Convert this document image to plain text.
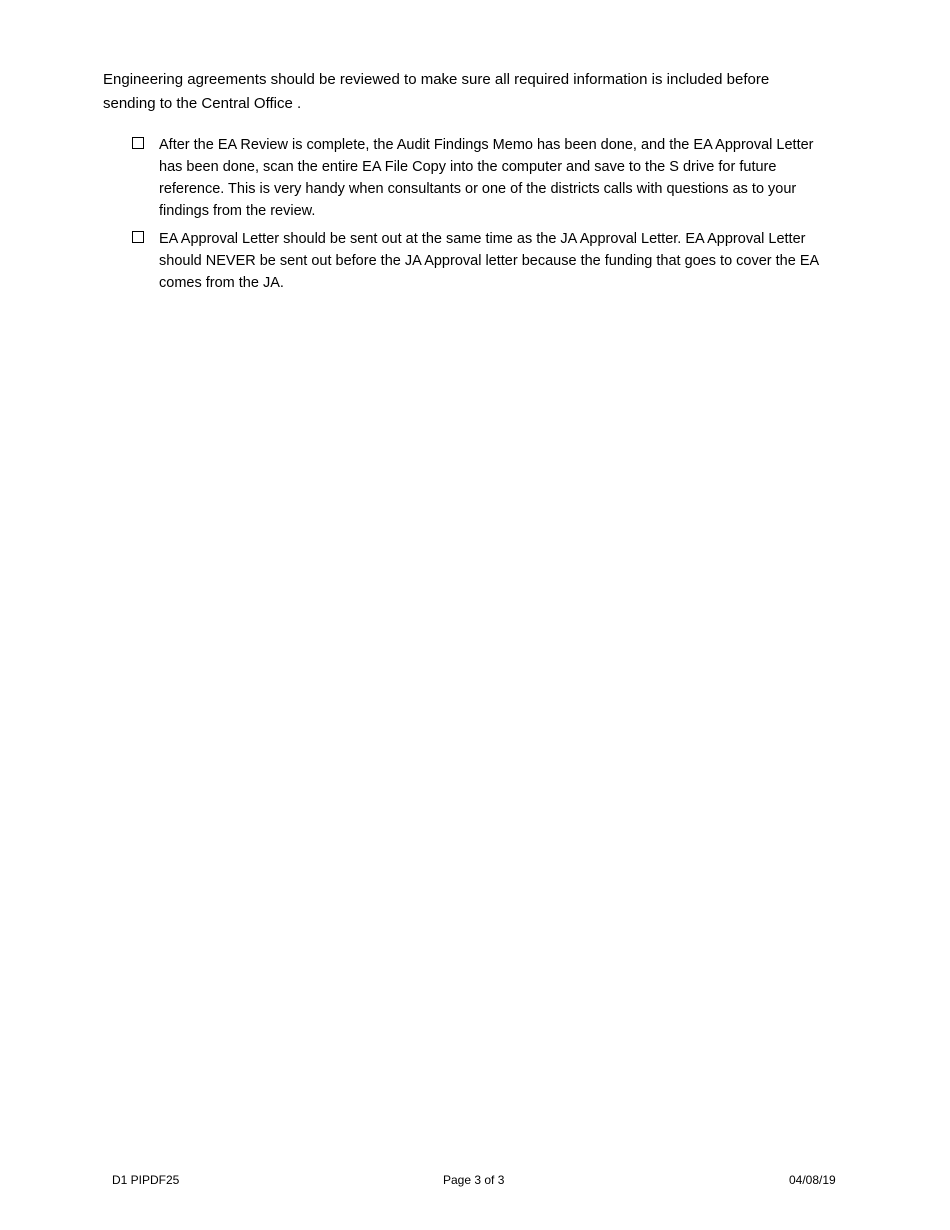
Engineering agreements should be reviewed to make sure all required information is included before sending to the Central Office .

After the EA Review is complete, the Audit Findings Memo has been done, and the EA Approval Letter has been done, scan the entire EA File Copy into the computer and save to the S drive for future reference. This is very handy when consultants or one of the districts calls with questions as to your findings from the review.
EA Approval Letter should be sent out at the same time as the JA Approval Letter. EA Approval Letter should NEVER be sent out before the JA Approval letter because the funding that goes to cover the EA comes from the JA.
D1 PIPDF25	Page 3 of 3	04/08/19
